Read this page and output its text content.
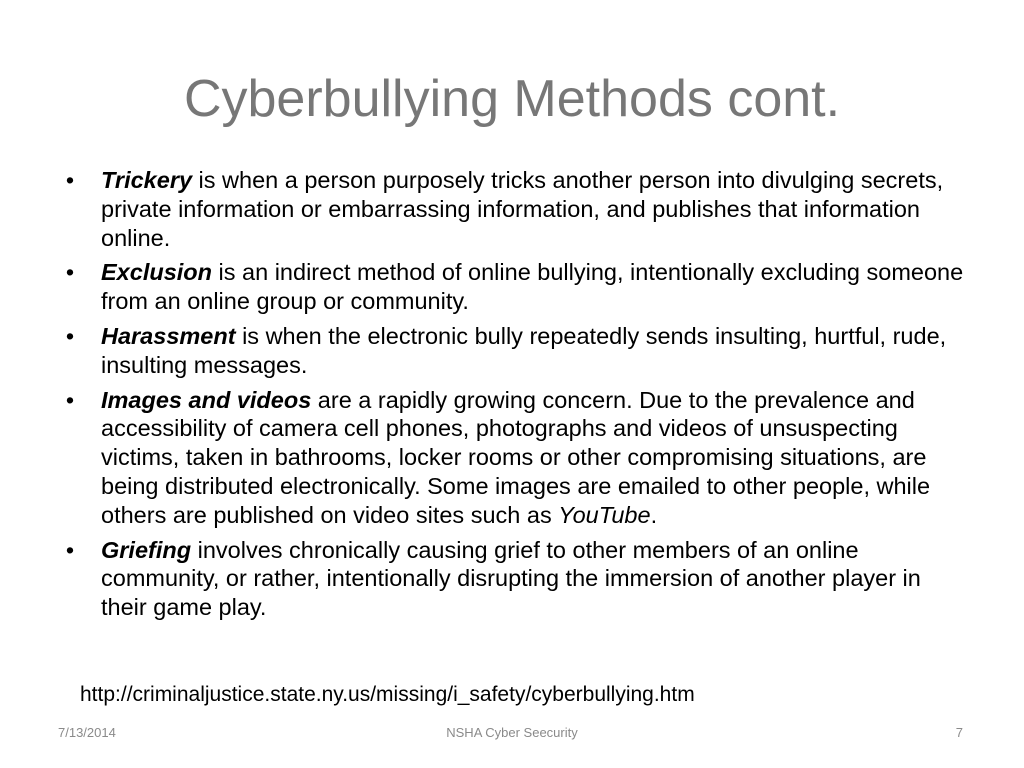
Cyberbullying Methods cont.
• Trickery is when a person purposely tricks another person into divulging secrets, private information or embarrassing information, and publishes that information online.
• Exclusion is an indirect method of online bullying, intentionally excluding someone from an online group or community.
• Harassment is when the electronic bully repeatedly sends insulting, hurtful, rude, insulting messages.
• Images and videos are a rapidly growing concern. Due to the prevalence and accessibility of camera cell phones, photographs and videos of unsuspecting victims, taken in bathrooms, locker rooms or other compromising situations, are being distributed electronically. Some images are emailed to other people, while others are published on video sites such as YouTube.
• Griefing involves chronically causing grief to other members of an online community, or rather, intentionally disrupting the immersion of another player in their game play.
http://criminaljustice.state.ny.us/missing/i_safety/cyberbullying.htm
7/13/2014	NSHA Cyber Seecurity	7
